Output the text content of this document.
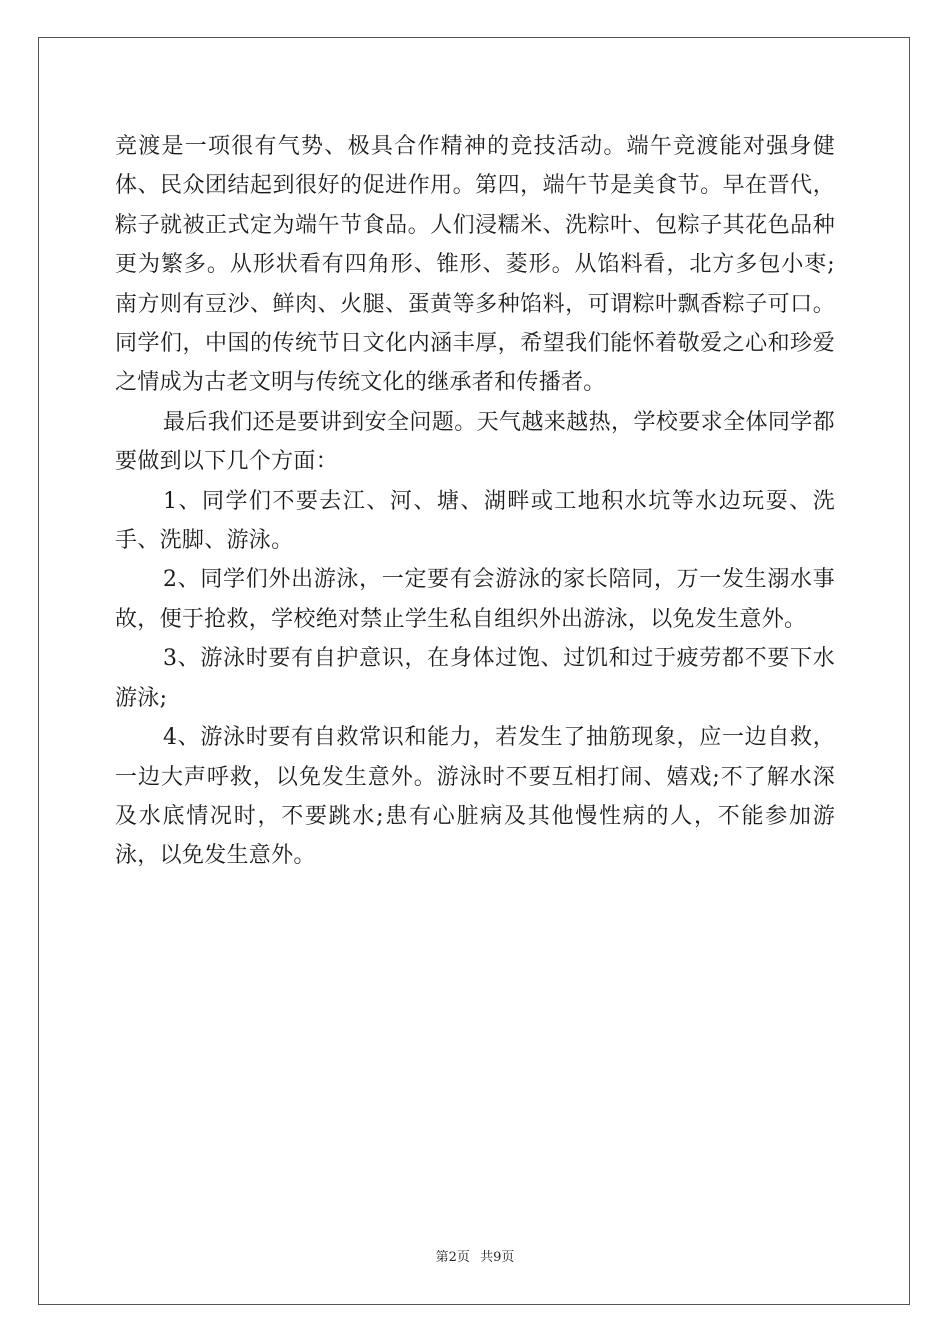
竞渡是一项很有气势、极具合作精神的竞技活动。端午竞渡能对强身健体、民众团结起到很好的促进作用。第四，端午节是美食节。早在晋代，粽子就被正式定为端午节食品。人们浸糯米、洗粽叶、包粽子其花色品种更为繁多。从形状看有四角形、锥形、菱形。从馅料看，北方多包小枣;南方则有豆沙、鲜肉、火腿、蛋黄等多种馅料，可谓粽叶飘香粽子可口。同学们，中国的传统节日文化内涵丰厚，希望我们能怀着敬爱之心和珍爱之情成为古老文明与传统文化的继承者和传播者。

最后我们还是要讲到安全问题。天气越来越热，学校要求全体同学都要做到以下几个方面：

1、同学们不要去江、河、塘、湖畔或工地积水坑等水边玩耍、洗手、洗脚、游泳。

2、同学们外出游泳，一定要有会游泳的家长陪同，万一发生溺水事故，便于抢救，学校绝对禁止学生私自组织外出游泳，以免发生意外。

3、游泳时要有自护意识，在身体过饱、过饥和过于疲劳都不要下水游泳;

4、游泳时要有自救常识和能力，若发生了抽筋现象，应一边自救，一边大声呼救，以免发生意外。游泳时不要互相打闹、嬉戏;不了解水深及水底情况时，不要跳水;患有心脏病及其他慢性病的人，不能参加游泳，以免发生意外。

第2页 共9页
